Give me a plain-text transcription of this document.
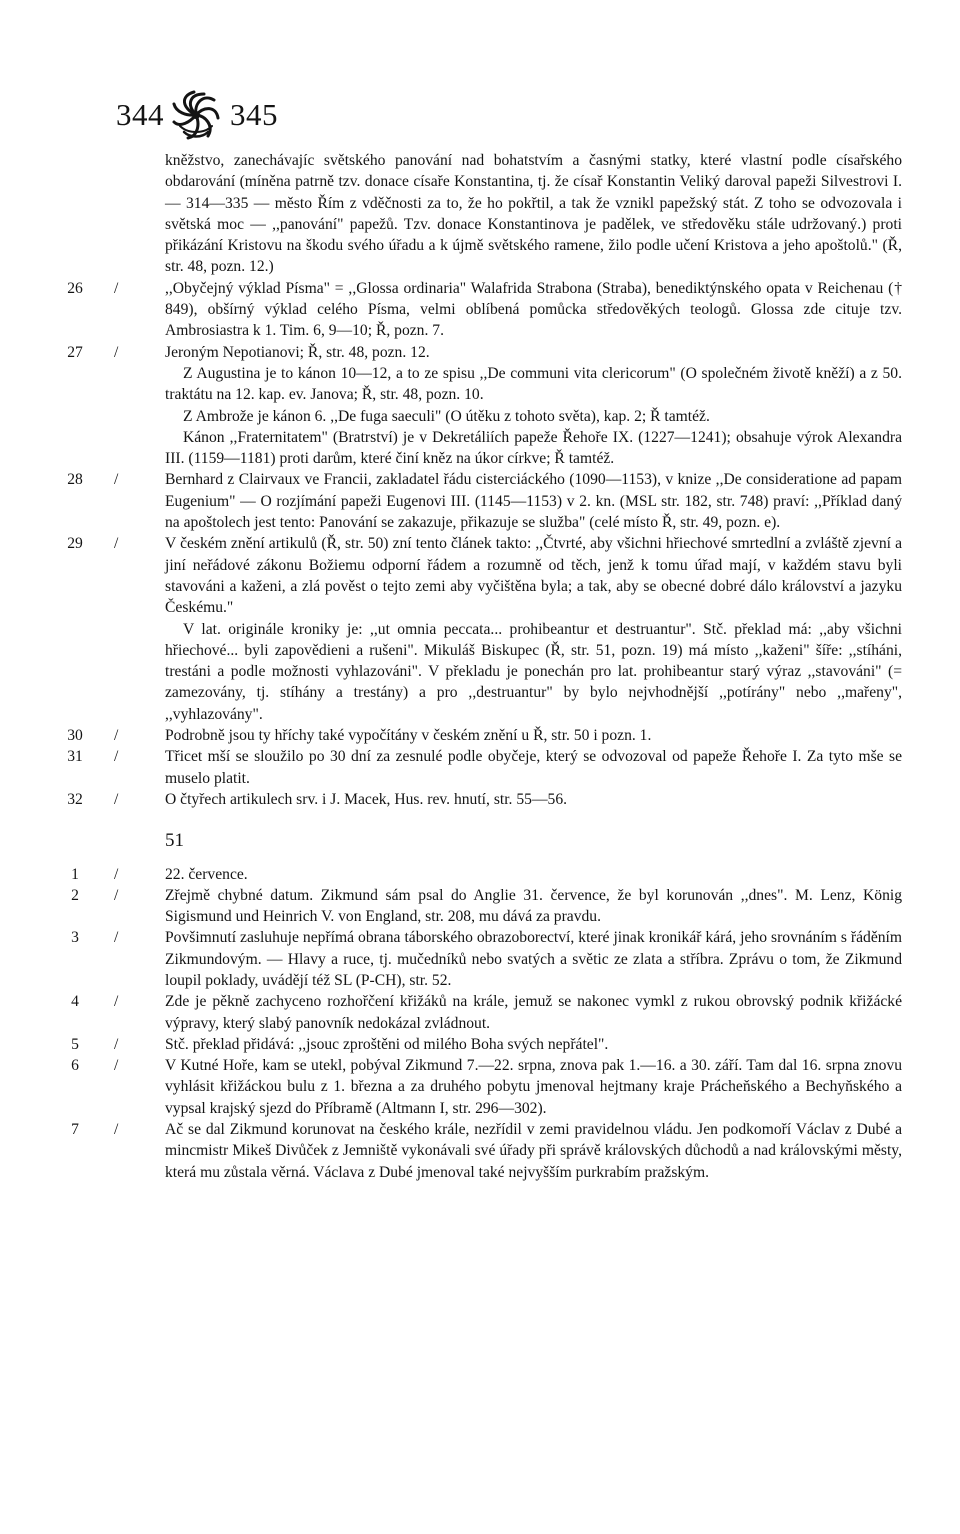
344 345

kněžstvo, zanechávajíc světského panování nad bohatstvím a časnými statky, které vlastní podle císařského obdarování (míněna patrně tzv. donace císaře Konstantina, tj. že císař Konstantin Veliký daroval papeži Silvestrovi I. — 314—335 — město Řím z vděčnosti za to, že ho pokřtil, a tak že vznikl papežský stát. Z toho se odvozovala i světská moc — ,,panování" papežů. Tzv. donace Konstantinova je padělek, ve středověku stále udržovaný.) proti přikázání Kristovu na škodu svého úřadu a k újmě světského ramene, žilo podle učení Kristova a jeho apoštolů." (Ř, str. 48, pozn. 12.)

26	/	,,Obyčejný výklad Písma" = ,,Glossa ordinaria" Walafrida Strabona (Straba), benediktýnského opata v Reichenau († 849), obšírný výklad celého Písma, velmi oblíbená pomůcka středověkých teologů. Glossa zde cituje tzv. Ambrosiastra k 1. Tim. 6, 9—10; Ř, pozn. 7.

27	/	Jeroným Nepotianovi; Ř, str. 48, pozn. 12.

Z Augustina je to kánon 10—12, a to ze spisu ,,De communi vita clericorum" (O společném životě kněží) a z 50. traktátu na 12. kap. ev. Janova; Ř, str. 48, pozn. 10.

Z Ambrože je kánon 6. ,,De fuga saeculi" (O útěku z tohoto světa), kap. 2; Ř tamtéž.

Kánon ,,Fraternitatem" (Bratrství) je v Dekretáliích papeže Řehoře IX. (1227—1241); obsahuje výrok Alexandra III. (1159—1181) proti darům, které činí kněz na úkor církve; Ř tamtéž.

28	/	Bernhard z Clairvaux ve Francii, zakladatel řádu cisterciáckého (1090—1153), v knize ,,De consideratione ad papam Eugenium" — O rozjímání papeži Eugenovi III. (1145—1153) v 2. kn. (MSL str. 182, str. 748) praví: ,,Příklad daný na apoštolech jest tento: Panování se zakazuje, přikazuje se služba" (celé místo Ř, str. 49, pozn. e).

29	/	V českém znění artikulů (Ř, str. 50) zní tento článek takto: ,,Čtvrté, aby všichni hřiechové smrtedlní a zvláště zjevní a jiní neřádové zákonu Božiemu odporní řádem a rozumně od těch, jenž k tomu úřad mají, v každém stavu byli stavováni a kaženi, a zlá pověst o tejto zemi aby vyčištěna byla; a tak, aby se obecné dobré dálo království a jazyku Českému."

V lat. originále kroniky je: ,,ut omnia peccata... prohibeantur et destruantur". Stč. překlad má: ,,aby všichni hřiechové... byli zapovědieni a rušeni". Mikuláš Biskupec (Ř, str. 51, pozn. 19) má místo ,,kaženi" šíře: ,,stíháni, trestáni a podle možnosti vyhlazováni". V překladu je ponechán pro lat. prohibeantur starý výraz ,,stavováni" (= zamezovány, tj. stíhány a trestány) a pro ,,destruantur" by bylo nejvhodnější ,,potírány" nebo ,,mařeny", ,,vyhlazovány".

30	/	Podrobně jsou ty hříchy také vypočítány v českém znění u Ř, str. 50 i pozn. 1.

31	/	Třicet mší se sloužilo po 30 dní za zesnulé podle obyčeje, který se odvozoval od papeže Řehoře I. Za tyto mše se muselo platit.

32	/	O čtyřech artikulech srv. i J. Macek, Hus. rev. hnutí, str. 55—56.

51
1	/	22. července.

2	/	Zřejmě chybné datum. Zikmund sám psal do Anglie 31. července, že byl korunován ,,dnes". M. Lenz, König Sigismund und Heinrich V. von England, str. 208, mu dává za pravdu.

3	/	Povšimnutí zasluhuje nepřímá obrana táborského obrazoborectví, které jinak kronikář kárá, jeho srovnáním s řáděním Zikmundovým. — Hlavy a ruce, tj. mučedníků nebo svatých a světic ze zlata a stříbra. Zprávu o tom, že Zikmund loupil poklady, uvádějí též SL (P-CH), str. 52.

4	/	Zde je pěkně zachyceno rozhořčení křižáků na krále, jemuž se nakonec vymkl z rukou obrovský podnik křižácké výpravy, který slabý panovník nedokázal zvládnout.

5	/	Stč. překlad přidává: ,,jsouc zproštěni od milého Boha svých nepřátel".

6	/	V Kutné Hoře, kam se utekl, pobýval Zikmund 7.—22. srpna, znova pak 1.—16. a 30. září. Tam dal 16. srpna znovu vyhlásit křižáckou bulu z 1. března a za druhého pobytu jmenoval hejtmany kraje Prácheňského a Bechyňského a vypsal krajský sjezd do Příbramě (Altmann I, str. 296—302).

7	/	Ač se dal Zikmund korunovat na českého krále, nezřídil v zemi pravidelnou vládu. Jen podkomoří Václav z Dubé a mincmistr Mikeš Divůček z Jemniště vykonávali své úřady při správě královských důchodů a nad královskými městy, která mu zůstala věrná. Václava z Dubé jmenoval také nejvyšším purkrabím pražským.
